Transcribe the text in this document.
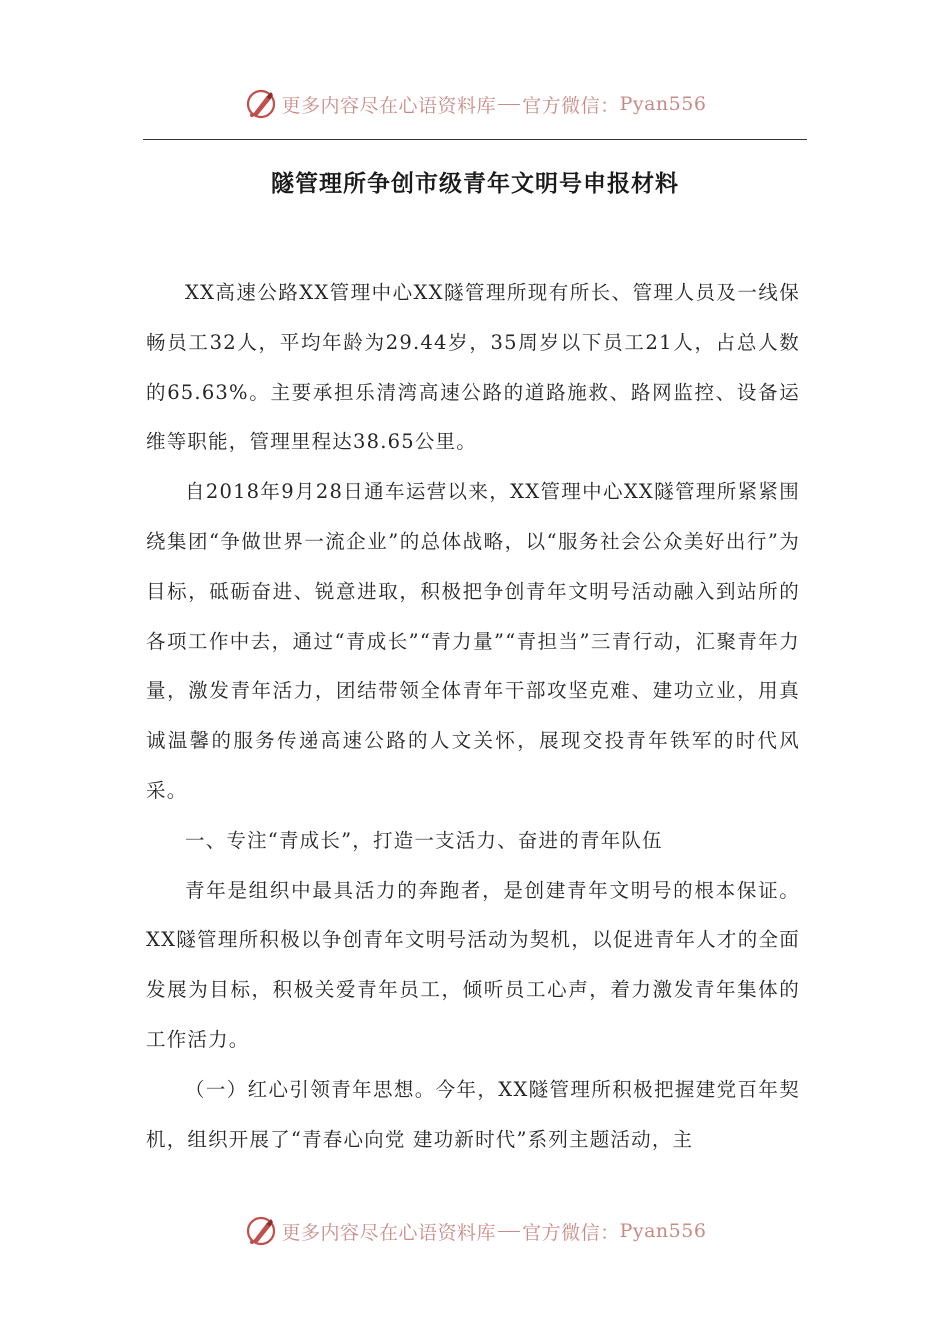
更多内容尽在心语资料库 官方微信： Pyan556
隧管理所争创市级青年文明号申报材料

XX高速公路XX管理中心XX隧管理所现有所长、管理人员及一线保畅员工32人，平均年龄为29.44岁，35周岁以下员工21人，占总人数的65.63%。主要承担乐清湾高速公路的道路施救、路网监控、设备运维等职能，管理里程达38.65公里。

自2018年9月28日通车运营以来，XX管理中心XX隧管理所紧紧围绕集团“争做世界一流企业”的总体战略，以“服务社会公众美好出行”为目标，砥砺奋进、锐意进取，积极把争创青年文明号活动融入到站所的各项工作中去，通过“青成长”“青力量”“青担当”三青行动，汇聚青年力量，激发青年活力，团结带领全体青年干部攻坚克难、建功立业，用真诚温馨的服务传递高速公路的人文关怀，展现交投青年铁军的时代风采。

一、专注“青成长”，打造一支活力、奋进的青年队伍

青年是组织中最具活力的奔跑者，是创建青年文明号的根本保证。XX隧管理所积极以争创青年文明号活动为契机，以促进青年人才的全面发展为目标，积极关爱青年员工，倾听员工心声，着力激发青年集体的工作活力。

（一）红心引领青年思想。今年，XX隧管理所积极把握建党百年契机，组织开展了“青春心向党 建功新时代”系列主题活动，主

更多内容尽在心语资料库 官方微信： Pyan556
